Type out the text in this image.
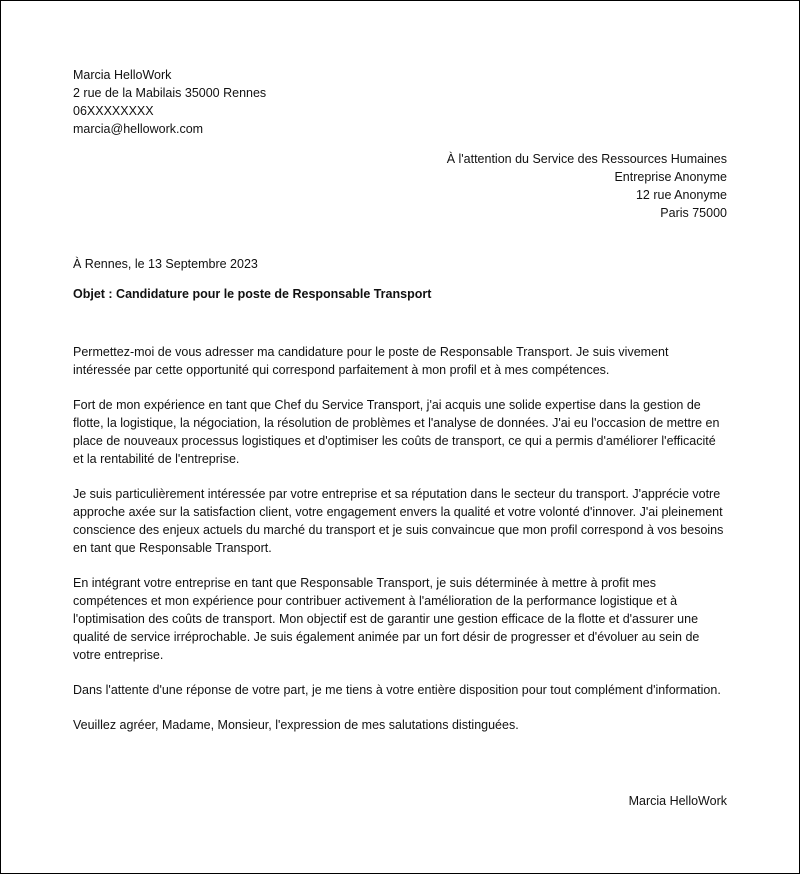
Marcia HelloWork
2 rue de la Mabilais 35000 Rennes
06XXXXXXXX
marcia@hellowork.com
À l'attention du Service des Ressources Humaines
Entreprise Anonyme
12 rue Anonyme
Paris 75000
À Rennes, le 13 Septembre 2023
Objet : Candidature pour le poste de Responsable Transport

Permettez-moi de vous adresser ma candidature pour le poste de Responsable Transport. Je suis vivement intéressée par cette opportunité qui correspond parfaitement à mon profil et à mes compétences.

Fort de mon expérience en tant que Chef du Service Transport, j'ai acquis une solide expertise dans la gestion de flotte, la logistique, la négociation, la résolution de problèmes et l'analyse de données. J'ai eu l'occasion de mettre en place de nouveaux processus logistiques et d'optimiser les coûts de transport, ce qui a permis d'améliorer l'efficacité et la rentabilité de l'entreprise.

Je suis particulièrement intéressée par votre entreprise et sa réputation dans le secteur du transport. J'apprécie votre approche axée sur la satisfaction client, votre engagement envers la qualité et votre volonté d'innover. J'ai pleinement conscience des enjeux actuels du marché du transport et je suis convaincue que mon profil correspond à vos besoins en tant que Responsable Transport.

En intégrant votre entreprise en tant que Responsable Transport, je suis déterminée à mettre à profit mes compétences et mon expérience pour contribuer activement à l'amélioration de la performance logistique et à l'optimisation des coûts de transport. Mon objectif est de garantir une gestion efficace de la flotte et d'assurer une qualité de service irréprochable. Je suis également animée par un fort désir de progresser et d'évoluer au sein de votre entreprise.

Dans l'attente d'une réponse de votre part, je me tiens à votre entière disposition pour tout complément d'information.

Veuillez agréer, Madame, Monsieur, l'expression de mes salutations distinguées.

Marcia HelloWork
